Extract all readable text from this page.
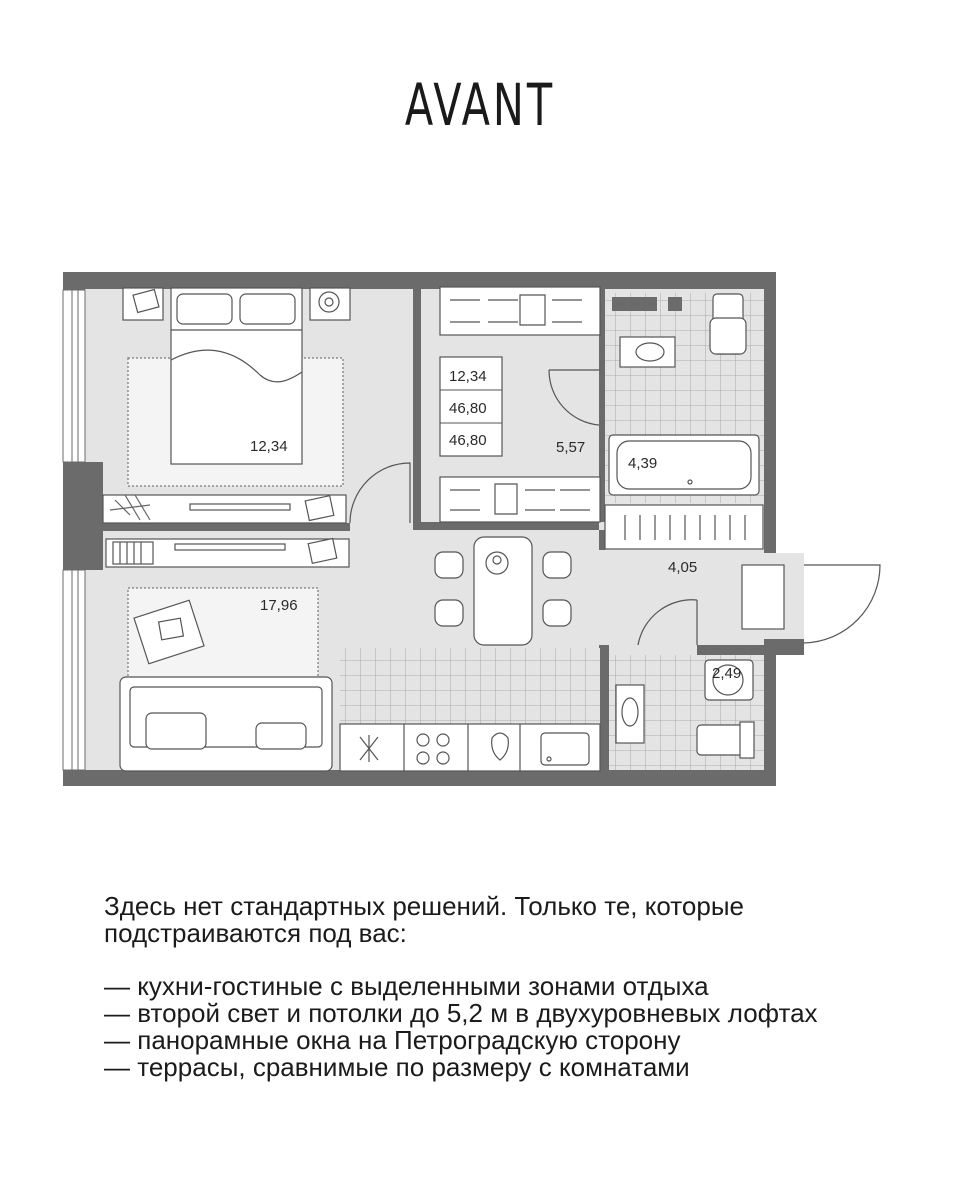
AVANT
12,34
46,80
46,80
12,34	5,57
4,39
4,05
17,96
2,49

Здесь нет стандартных решений. Только те, которые подстраиваются под вас:

— кухни-гостиные с выделенными зонами отдыха
— второй свет и потолки до 5,2 м в двухуровневых лофтах
— панорамные окна на Петроградскую сторону
— террасы, сравнимые по размеру с комнатами
